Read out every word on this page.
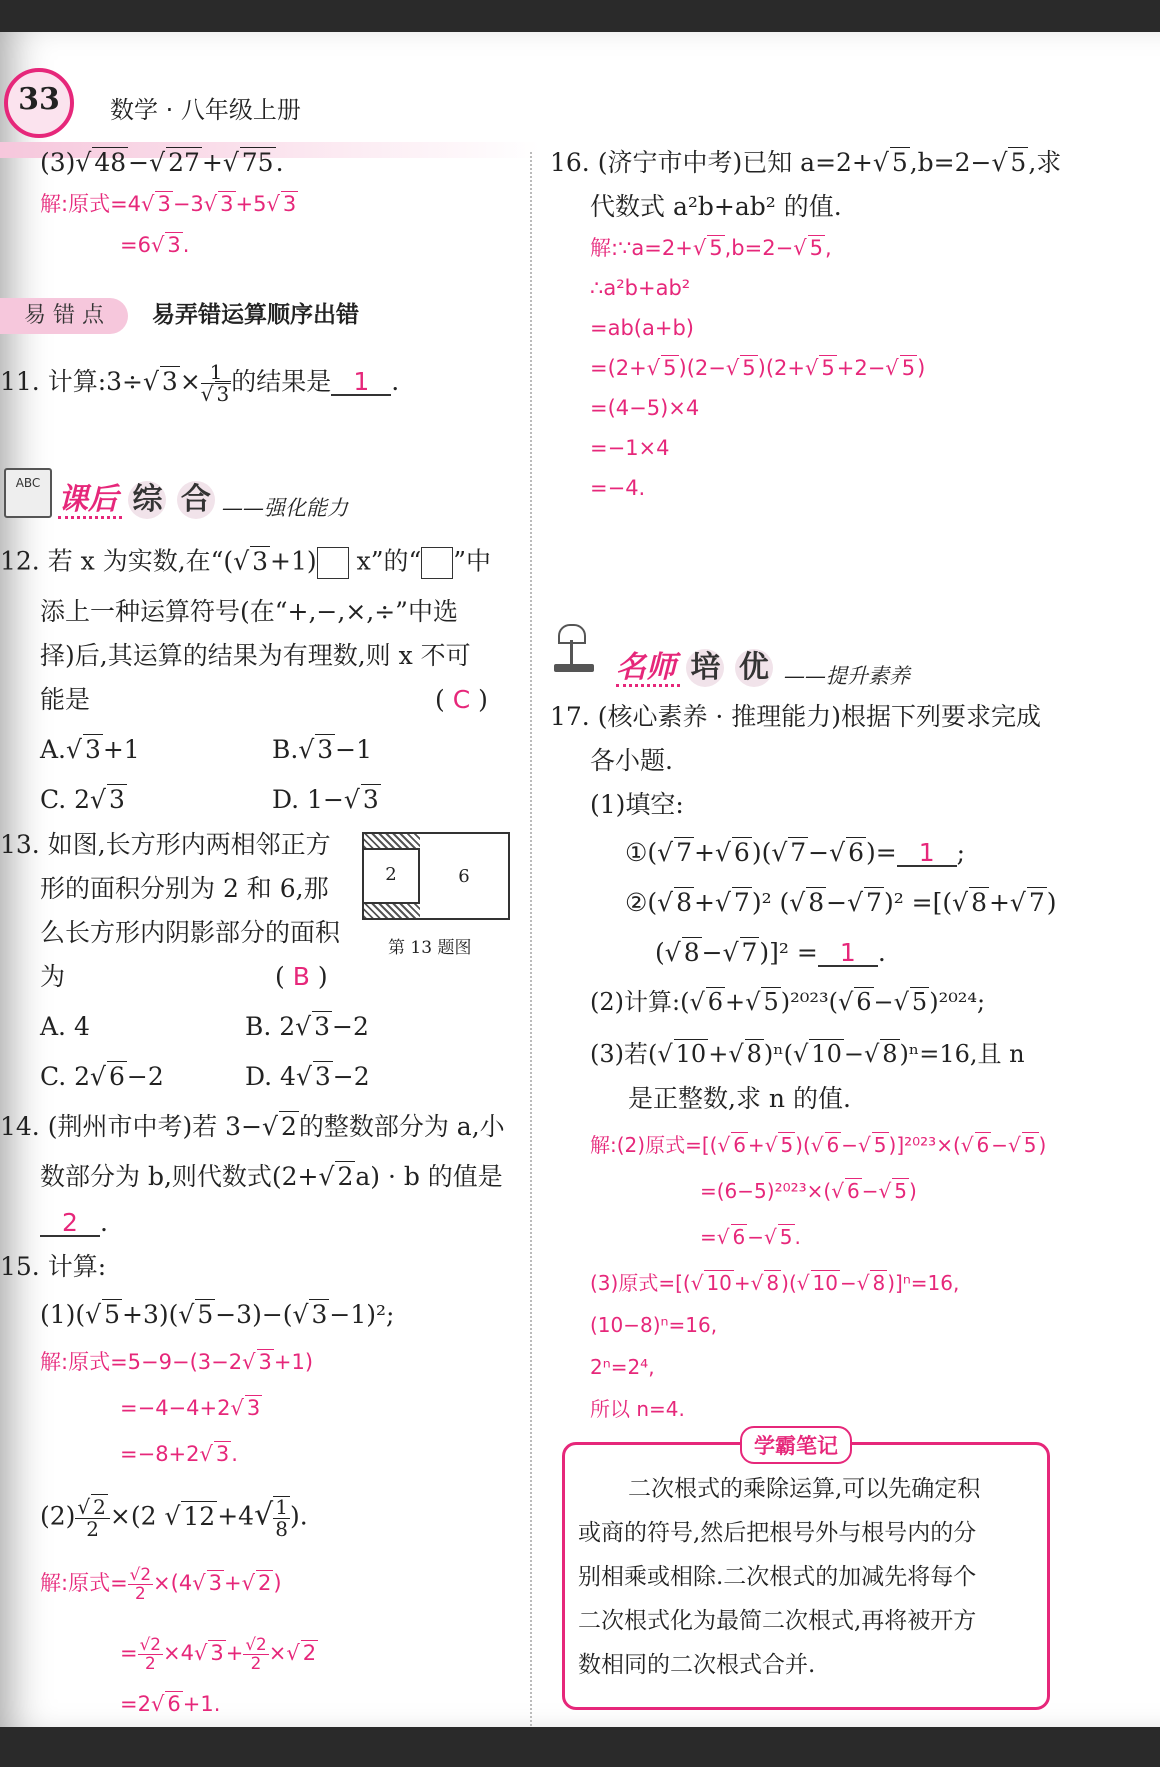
33	数学 · 八年级上册
(3)√ 48−√ 27+√ 75.
解:原式=4√ 3−3√ 3+5√ 3
=6√ 3.
易 错 点	易弄错运算顺序出错
11. 计算:3÷√ $3\times \frac{1}{√ 3}$ 的结果是 1 .
ABC 课后 综 合 ——强化能力
12. 若 x 为实数,在“(√ 3+1) x”的“ ”中
添上一种运算符号(在“+,−,×,÷”中选
择)后,其运算的结果为有理数,则 x 不可
能是	( C )
A.√ 3+1	B.√ 3−1
C. 2√ 3	D. 1−√ 3
13. 如图,长方形内两相邻正方
形的面积分别为 2 和 6,那
么长方形内阴影部分的面积
为	( B )
2	6
第 13 题图
A. 4	B. 2√ 3−2
C. 2√ 6−2	D. 4√ 3−2
14. (荆州市中考)若 3−√ 2的整数部分为 a,小
数部分为 b,则代数式(2+√ 2a) · b 的值是
2 .
15. 计算:
(1)(√ 5+3)(√ 5−3)−(√ 3−1)²;
解:原式=5−9−(3−2√ 3+1)
=−4−4+2√ 3
=−8+2√ 3.
$(2) \frac{√ 2}{2} \times(2$ √ $12+4√ \frac{1}{8}$ ).
解:原式= $\frac{√2}{2} \times(4√$ 3+√ 2)
= $\frac{√2}{2} \times 4√$ $3+ \frac{√2}{2}$ ×√ 2
=2√ 6+1.
16. (济宁市中考)已知 a=2+√ 5,b=2−√ 5,求
代数式 a²b+ab² 的值.
解:∵a=2+√ 5,b=2−√ 5,
∴a²b+ab²
=ab(a+b)
=(2+√ 5)(2−√ 5)(2+√ 5+2−√ 5)
=(4−5)×4
=−1×4
=−4.
名师 培 优 ——提升素养
17. (核心素养 · 推理能力)根据下列要求完成
各小题.
(1)填空:
①(√ 7+√ 6)(√ 7−√ 6)= 1 ;
②(√ 8+√ 7)² (√ 8−√ 7)² =[(√ 8+√ 7)
(√ 8−√ 7)]² = 1 .
(2)计算:(√ 6+√ 5)²⁰²³(√ 6−√ 5)²⁰²⁴;
(3)若(√ 10+√ 8)ⁿ(√ 10−√ 8)ⁿ=16,且 n
是正整数,求 n 的值.
解:(2)原式=[(√ 6 +√ 5 )(√ 6 −√ 5 )]²⁰²³×(√ 6 −√ 5 )
=(6−5)²⁰²³×(√ 6 −√ 5 )
=√ 6 −√ 5 .
(3)原式=[(√ 10 +√ 8 )(√ 10 −√ 8 )]ⁿ=16,
(10−8)ⁿ=16,
2ⁿ=2⁴,
所以 n=4.
学霸笔记
二次根式的乘除运算,可以先确定积
或商的符号,然后把根号外与根号内的分
别相乘或相除.二次根式的加减先将每个
二次根式化为最简二次根式,再将被开方
数相同的二次根式合并.
